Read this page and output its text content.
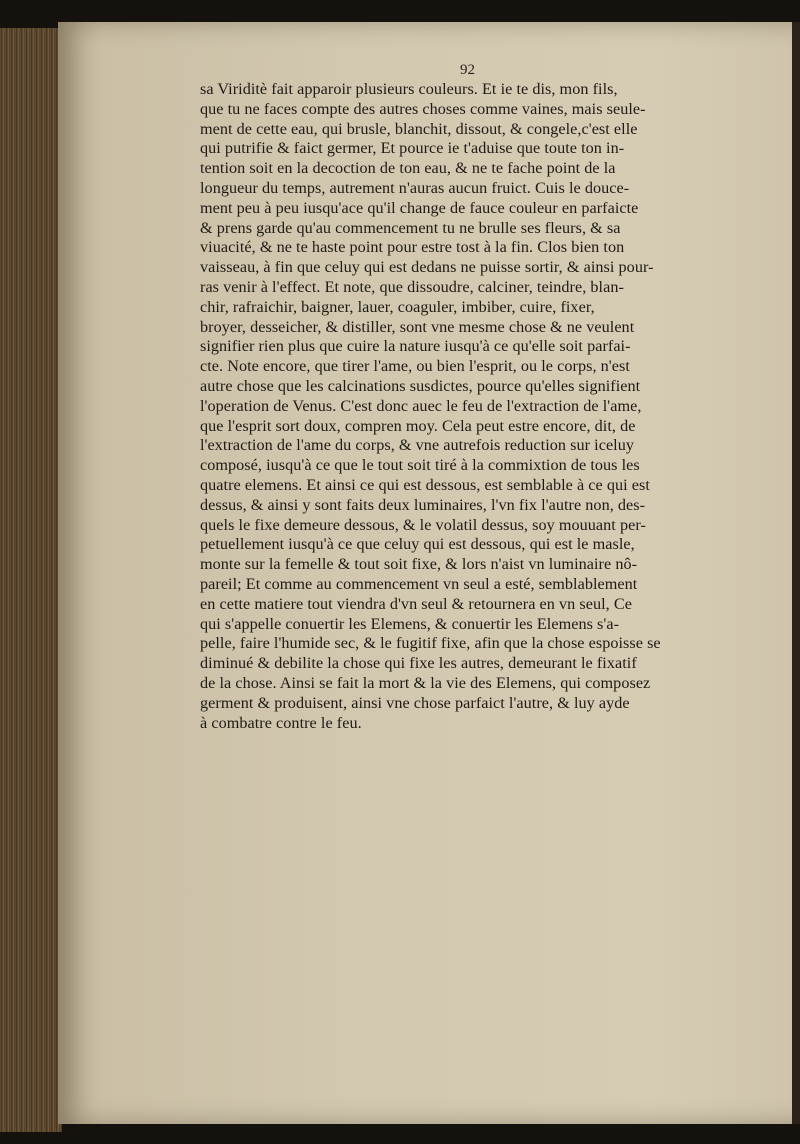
92
sa Viriditè fait apparoir plusieurs couleurs. Et ie te dis, mon fils,
que tu ne faces compte des autres choses comme vaines, mais seule-
ment de cette eau, qui brusle, blanchit, dissout, & congele,c'est elle
qui putrifie & faict germer, Et pource ie t'aduise que toute ton in-
tention soit en la decoction de ton eau, & ne te fache point de la
longueur du temps, autrement n'auras aucun fruict. Cuis le douce-
ment peu à peu iusqu'ace qu'il change de fauce couleur en parfaicte
& prens garde qu'au commencement tu ne brulle ses fleurs, & sa
viuacité, & ne te haste point pour estre tost à la fin. Clos bien ton
vaisseau, à fin que celuy qui est dedans ne puisse sortir, & ainsi pour-
ras venir à l'effect. Et note, que dissoudre, calciner, teindre, blan-
chir, rafraichir, baigner, lauer, coaguler, imbiber, cuire, fixer,
broyer, desseicher, & distiller, sont vne mesme chose & ne veulent
signifier rien plus que cuire la nature iusqu'à ce qu'elle soit parfai-
cte. Note encore, que tirer l'ame, ou bien l'esprit, ou le corps, n'est
autre chose que les calcinations susdictes, pource qu'elles signifient
l'operation de Venus. C'est donc auec le feu de l'extraction de l'ame,
que l'esprit sort doux, compren moy. Cela peut estre encore, dit, de
l'extraction de l'ame du corps, & vne autrefois reduction sur iceluy
composé, iusqu'à ce que le tout soit tiré à la commixtion de tous les
quatre elemens. Et ainsi ce qui est dessous, est semblable à ce qui est
dessus, & ainsi y sont faits deux luminaires, l'vn fix l'autre non, des-
quels le fixe demeure dessous, & le volatil dessus, soy mouuant per-
petuellement iusqu'à ce que celuy qui est dessous, qui est le masle,
monte sur la femelle & tout soit fixe, & lors n'aist vn luminaire nô-
pareil; Et comme au commencement vn seul a esté, semblablement
en cette matiere tout viendra d'vn seul & retournera en vn seul, Ce
qui s'appelle conuertir les Elemens, & conuertir les Elemens s'a-
pelle, faire l'humide sec, & le fugitif fixe, afin que la chose espoisse se
diminué & debilite la chose qui fixe les autres, demeurant le fixatif
de la chose. Ainsi se fait la mort & la vie des Elemens, qui composez
germent & produisent, ainsi vne chose parfaict l'autre, & luy ayde
à combatre contre le feu.
